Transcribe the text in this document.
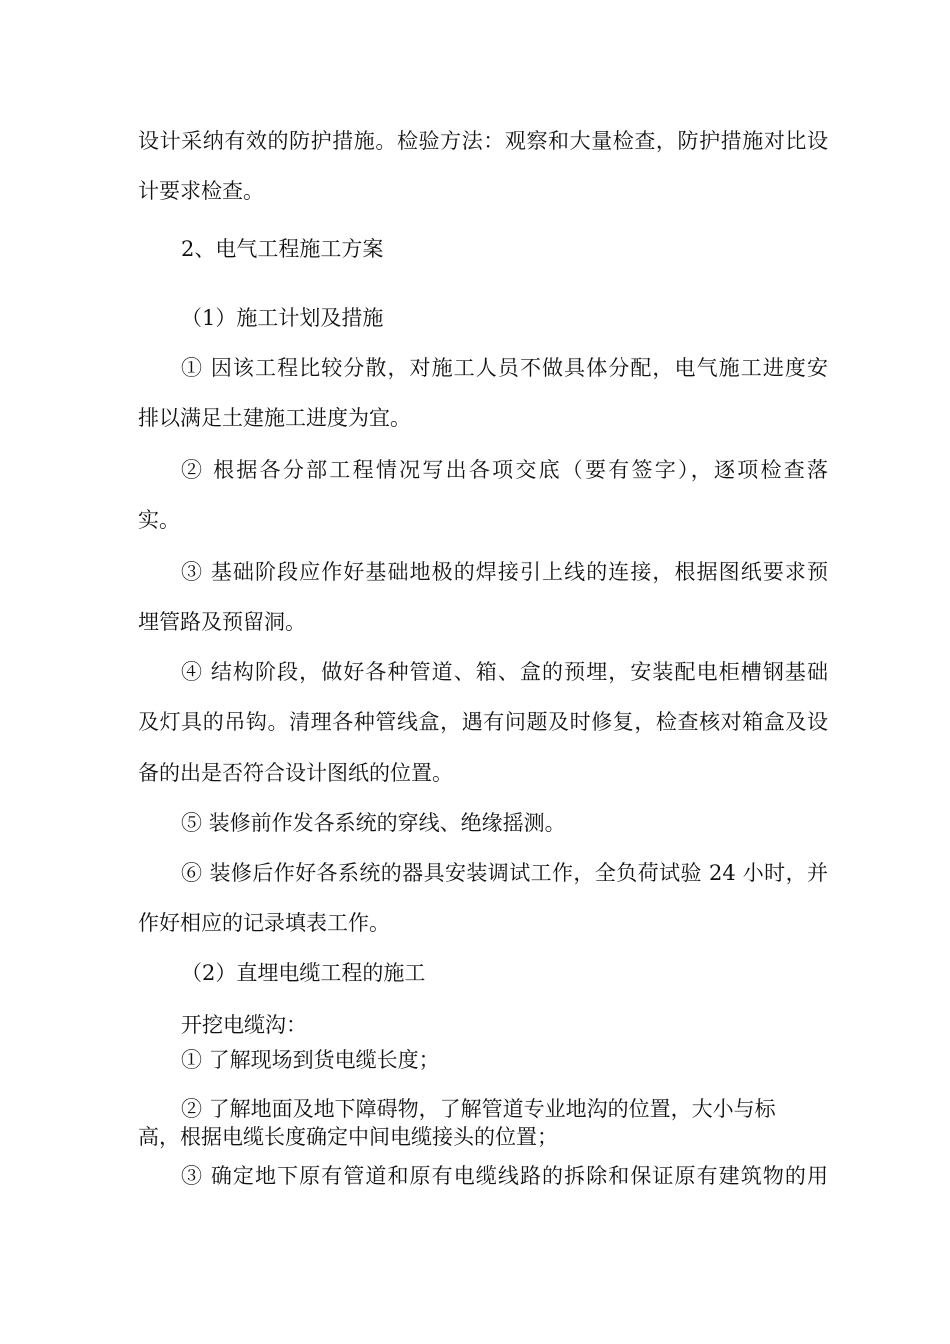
设计采纳有效的防护措施。检验方法：观察和大量检查，防护措施对比设

计要求检查。

2、电气工程施工方案

（1）施工计划及措施

① 因该工程比较分散，对施工人员不做具体分配，电气施工进度安

排以满足土建施工进度为宜。

② 根据各分部工程情况写出各项交底（要有签字），逐项检查落

实。

③ 基础阶段应作好基础地极的焊接引上线的连接，根据图纸要求预

埋管路及预留洞。

④ 结构阶段，做好各种管道、箱、盒的预埋，安装配电柜槽钢基础

及灯具的吊钩。清理各种管线盒，遇有问题及时修复，检查核对箱盒及设

备的出是否符合设计图纸的位置。

⑤ 装修前作发各系统的穿线、绝缘摇测。

⑥ 装修后作好各系统的器具安装调试工作，全负荷试验 24 小时，并

作好相应的记录填表工作。

（2）直埋电缆工程的施工

开挖电缆沟：

① 了解现场到货电缆长度；

② 了解地面及地下障碍物，了解管道专业地沟的位置，大小与标

高，根据电缆长度确定中间电缆接头的位置；

③ 确定地下原有管道和原有电缆线路的拆除和保证原有建筑物的用
